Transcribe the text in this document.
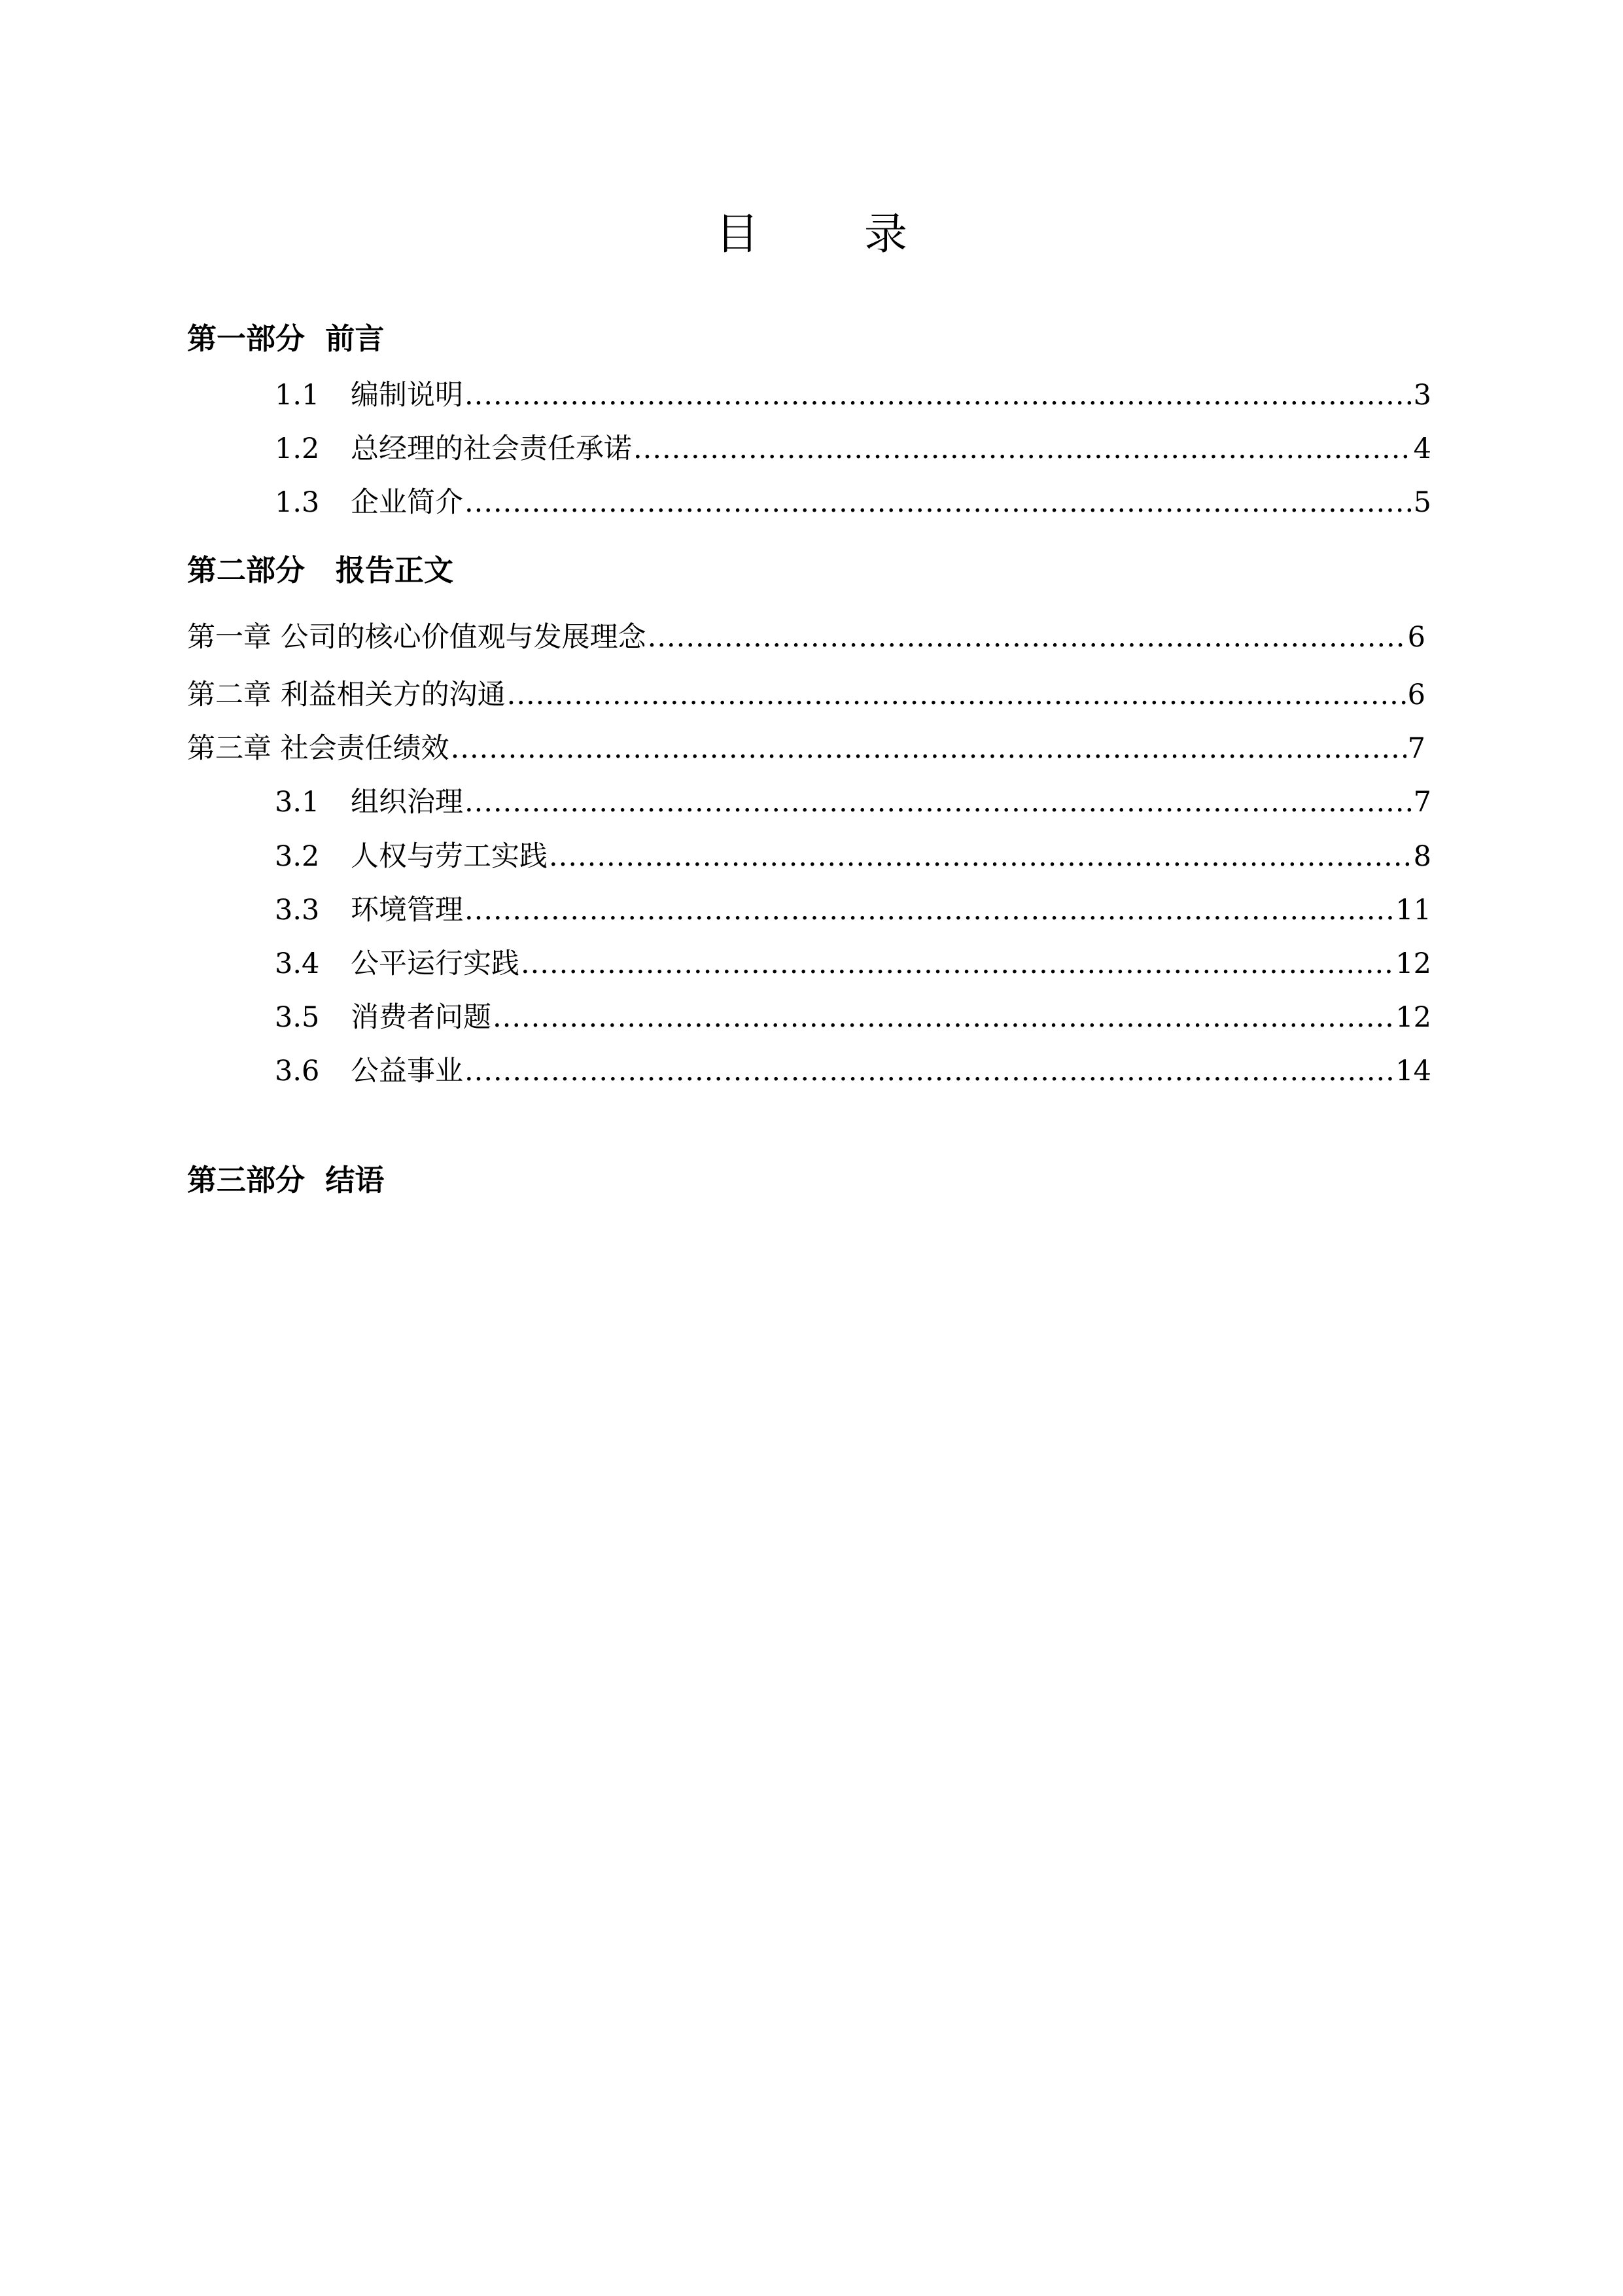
目 录
第一部分  前言
1.1	编制说明 .....	3
1.2	总经理的社会责任承诺 .....	4
1.3	企业简介 .....	5
第二部分   报告正文
第一章 公司的核心价值观与发展理念 .....	6
第二章 利益相关方的沟通 .....	6
第三章 社会责任绩效 .....	7
3.1	组织治理 .....	7
3.2	人权与劳工实践 .....	8
3.3	环境管理 .....	11
3.4	公平运行实践 .....	12
3.5	消费者问题 .....	12
3.6	公益事业 .....	14
第三部分  结语
